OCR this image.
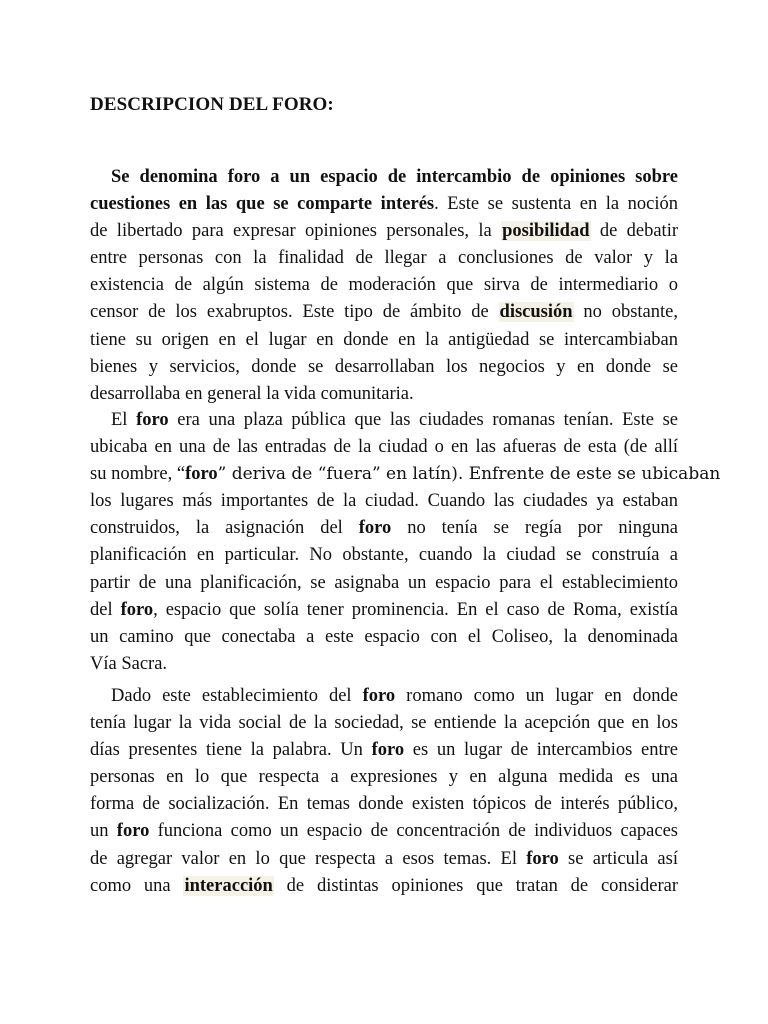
DESCRIPCION DEL FORO:
Se denomina foro a un espacio de intercambio de opiniones sobre
cuestiones en las que se comparte interés. Este se sustenta en la noción
de libertado para expresar opiniones personales, la posibilidad de debatir
entre personas con la finalidad de llegar a conclusiones de valor y la
existencia de algún sistema de moderación que sirva de intermediario o
censor de los exabruptos. Este tipo de ámbito de discusión no obstante,
tiene su origen en el lugar en donde en la antigüedad se intercambiaban
bienes y servicios, donde se desarrollaban los negocios y en donde se
desarrollaba en general la vida comunitaria.
El foro era una plaza pública que las ciudades romanas tenían. Este se
ubicaba en una de las entradas de la ciudad o en las afueras de esta (de allí
su nombre, “foro” deriva de “fuera” en latín). Enfrente de este se ubicaban
los lugares más importantes de la ciudad. Cuando las ciudades ya estaban
construidos, la asignación del foro no tenía se regía por ninguna
planificación en particular. No obstante, cuando la ciudad se construía a
partir de una planificación, se asignaba un espacio para el establecimiento
del foro, espacio que solía tener prominencia. En el caso de Roma, existía
un camino que conectaba a este espacio con el Coliseo, la denominada
Vía Sacra.
Dado este establecimiento del foro romano como un lugar en donde
tenía lugar la vida social de la sociedad, se entiende la acepción que en los
días presentes tiene la palabra. Un foro es un lugar de intercambios entre
personas en lo que respecta a expresiones y en alguna medida es una
forma de socialización. En temas donde existen tópicos de interés público,
un foro funciona como un espacio de concentración de individuos capaces
de agregar valor en lo que respecta a esos temas. El foro se articula así
como una interacción de distintas opiniones que tratan de considerar
